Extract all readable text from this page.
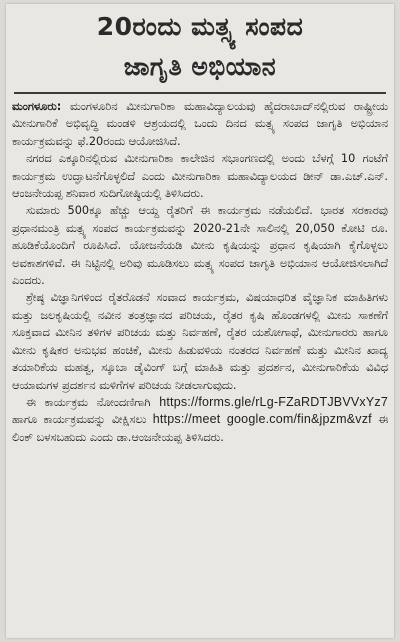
20ರಂದು ಮತ್ಸ್ಯ ಸಂಪದ
ಜಾಗೃತಿ ಅಭಿಯಾನ

ಮಂಗಳೂರು: ಮಂಗಳೂರಿನ ಮೀನುಗಾರಿಕಾ ಮಹಾವಿದ್ಯಾಲಯವು ಹೈದರಾಬಾದ್‌ನಲ್ಲಿರುವ ರಾಷ್ಟ್ರೀಯ ಮೀನುಗಾರಿಕೆ ಅಭಿವೃದ್ಧಿ ಮಂಡಳಿ ಆಶ್ರಯದಲ್ಲಿ ಒಂದು ದಿನದ ಮತ್ಸ್ಯ ಸಂಪದ ಜಾಗೃತಿ ಅಭಿಯಾನ ಕಾರ್ಯಕ್ರಮವನ್ನು ಫೆ.20ರಂದು ಆಯೋಜಿಸಿದೆ.

ನಗರದ ಎಕ್ಕೂರಿನಲ್ಲಿರುವ ಮೀನುಗಾರಿಕಾ ಕಾಲೇಜಿನ ಸಭಾಂಗಣದಲ್ಲಿ ಅಂದು ಬೆಳಗ್ಗೆ 10 ಗಂಟೆಗೆ ಕಾರ್ಯಕ್ರಮ ಉದ್ಘಾಟನೆಗೊಳ್ಳಲಿದೆ ಎಂದು ಮೀನುಗಾರಿಕಾ ಮಹಾವಿದ್ಯಾಲಯದ ಡೀನ್ ಡಾ.ಎಚ್.ಎನ್. ಆಂಜನೇಯಪ್ಪ ಶನಿವಾರ ಸುದಿಗೋಷ್ಠಿಯಲ್ಲಿ ತಿಳಿಸಿದರು.

ಸುಮಾರು 500ಕ್ಕೂ ಹೆಚ್ಚು ಆಯ್ದ ರೈತರಿಗೆ ಈ ಕಾರ್ಯಕ್ರಮ ನಡೆಯಲಿದೆ. ಭಾರತ ಸರಕಾರವು ಪ್ರಧಾನಮಂತ್ರಿ ಮತ್ಸ್ಯ ಸಂಪದ ಕಾರ್ಯಕ್ರಮವನ್ನು 2020-21ನೇ ಸಾಲಿನಲ್ಲಿ 20,050 ಕೋಟಿ ರೂ. ಹೂಡಿಕೆಯೊಂದಿಗೆ ರೂಪಿಸಿದೆ. ಯೋಜನೆಯಡಿ ಮೀನು ಕೃಷಿಯನ್ನು ಪ್ರಧಾನ ಕೃಷಿಯಾಗಿ ಕೈಗೊಳ್ಳಲು ಅವಕಾಶಗಳಿವೆ. ಈ ನಿಟ್ಟಿನಲ್ಲಿ ಅರಿವು ಮೂಡಿಸಲು ಮತ್ಸ್ಯ ಸಂಪದ ಜಾಗೃತಿ ಅಭಿಯಾನ ಆಯೋಜಿಸಲಾಗಿದೆ ಎಂದರು.

ಶ್ರೇಷ್ಠ ವಿಜ್ಞಾನಿಗಳಿಂದ ರೈತರೊಡನೆ ಸಂವಾದ ಕಾರ್ಯಕ್ರಮ, ವಿಷಯಾಧರಿತ ವೈಜ್ಞಾನಿಕ ಮಾಹಿತಿಗಳು ಮತ್ತು ಜಲಕೃಷಿಯಲ್ಲಿ ನವೀನ ತಂತ್ರಜ್ಞಾನದ ಪರಿಚಯ, ರೈತರ ಕೃಷಿ ಹೊಂಡಗಳಲ್ಲಿ ಮೀನು ಸಾಕಣೆಗೆ ಸೂಕ್ತವಾದ ಮೀನಿನ ತಳಿಗಳ ಪರಿಚಯ ಮತ್ತು ನಿರ್ವಹಣೆ, ರೈತರ ಯಶೋಗಾಥೆ, ಮೀನುಗಾರರು ಹಾಗೂ ಮೀನು ಕೃಷಿಕರ ಅನುಭವ ಹಂಚಿಕೆ, ಮೀನು ಹಿಡುವಳಿಯ ನಂತರದ ನಿರ್ವಹಣೆ ಮತ್ತು ಮೀನಿನ ಖಾದ್ಯ ತಯಾರಿಕೆಯ ಮಹತ್ವ, ಸ್ಕೂಬಾ ಡೈವಿಂಗ್ ಬಗ್ಗೆ ಮಾಹಿತಿ ಮತ್ತು ಪ್ರದರ್ಶನ, ಮೀನುಗಾರಿಕೆಯ ವಿವಿಧ ಆಯಾಮಗಳ ಪ್ರದರ್ಶನ ಮಳಿಗೆಗಳ ಪರಿಚಯ ನೀಡಲಾಗುವುದು.

ಈ ಕಾರ್ಯಕ್ರಮ ನೋಂದಣಿಗಾಗಿ https://forms.gle/rLg-FZaRDTJBVVxYz7 ಹಾಗೂ ಕಾರ್ಯಕ್ರಮವನ್ನು ವೀಕ್ಷಿಸಲು https://meet google.com/fin&jpzm&vzf ಈ ಲಿಂಕ್ ಬಳಸಬಹುದು ಎಂದು ಡಾ.ಆಂಜನೇಯಪ್ಪ ತಿಳಿಸಿದರು.
